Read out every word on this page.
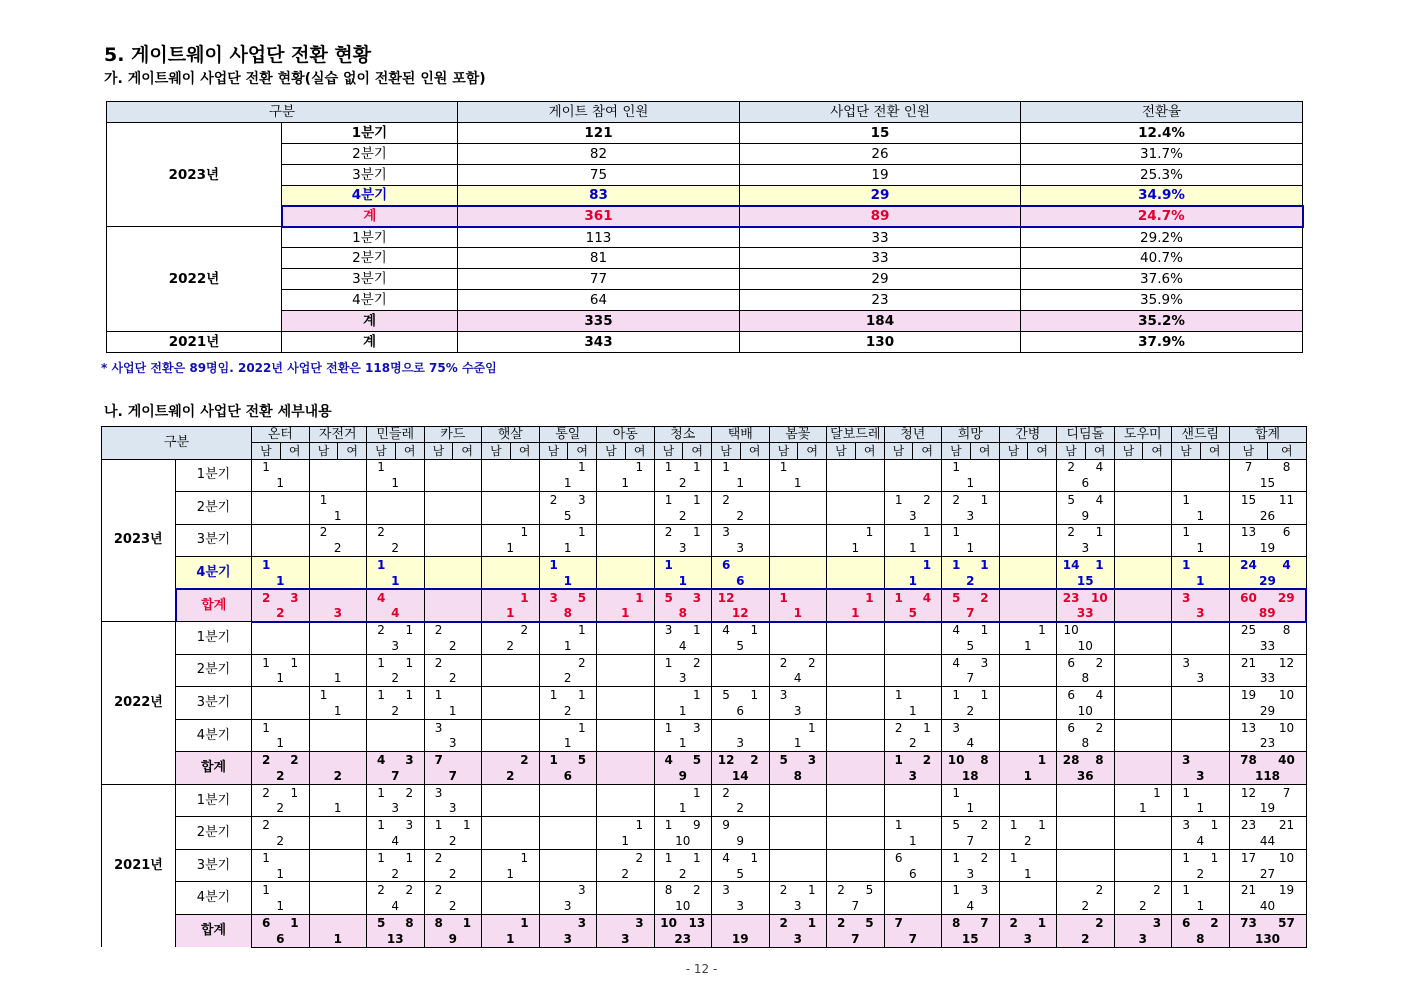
5. 게이트웨이 사업단 전환 현황
가. 게이트웨이 사업단 전환 현황(실습 없이 전환된 인원 포함)
구분		게이트 참여 인원	사업단 전환 인원	전환율
2023년	1분기	121	15	12.4%
	2분기	82	26	31.7%
	3분기	75	19	25.3%
	4분기	83	29	34.9%
	계	361	89	24.7%
2022년	1분기	113	33	29.2%
	2분기	81	33	40.7%
	3분기	77	29	37.6%
	4분기	64	23	35.9%
	계	335	184	35.2%
2021년	계	343	130	37.9%
* 사업단 전환은 89명임. 2022년 사업단 전환은 118명으로 75% 수준임
나. 게이트웨이 사업단 전환 세부내용
구분		온터		자전거		민들레		카드		햇살		통일		아동		청소		택배		봄꽃		달보드레		청년		희망		간병		디딤돌		도우미		샌드림		합계	
		남	여	남	여	남	여	남	여	남	여	남	여	남	여	남	여	남	여	남	여	남	여	남	여	남	여	남	여	남	여	남	여	남	여	남	여
2023년	1분기	1				1							1		1	1	1	1		1						1				2	4					7	8
		1				1						1		1		2		1		1						1				6						15	
	2분기			1								2	3			1	1	2						1	2	2	1			5	4			1		15	11
				1								5				2		2						3		3				9				1		26	
	3분기			2		2					1		1			2	1	3					1		1	1				2	1			1		13	6
				2		2				1		1				3		3				1		1		1				3				1		19	
	4분기	1				1						1				1		6							1	1	1			14	1			1		24	4
		1				1						1				1		6						1		2				15				1		29	
	합계	2	3			4					1	3	5		1	5	3	12		1			1	1	4	5	2			23	10			3		60	29
		2		3		4				1		8		1		8		12		1		1		5		7				33				3		89	
2022년	1분기					2	1	2			2		1			3	1	4	1							4	1		1	10						25	8
						3		2		2		1				4		5								5		1		10						33	
	2분기	1	1			1	1	2					2			1	2			2	2					4	3			6	2			3		21	12
		1		1		2		2				2				3				4						7				8				3		33	
	3분기			1		1	1	1				1	1				1	5	1	3				1		1	1			6	4					19	10
				1		2		1				2				1		6		3				1		2				10						29	
	4분기	1						3					1			1	3				1			2	1	3				6	2					13	10
		1						3				1				1		3		1				2		4				8						23	
	합계	2	2			4	3	7			2	1	5			4	5	12	2	5	3			1	2	10	8		1	28	8			3		78	40
		2		2		7		7		2		6				9		14		8				3		18		1		36				3		118	
2021년	1분기	2	1			1	2	3									1	2								1							1	1		12	7
		2		1		3		3								1		2								1						1		1		19	
	2분기	2				1	3	1	1						1	1	9	9						1		5	2	1	1					3	1	23	21
		2				4		2						1		10		9						1		7		2						4		44	
	3분기	1				1	1	2			1				2	1	1	4	1					6		1	2	1						1	1	17	10
		1				2		2		1				2		2		5						6		3		1						2		27	
	4분기	1				2	2	2					3			8	2	3		2	1	2	5			1	3				2		2	1		21	19
		1				4		2				3				10		3		3		7				4				2		2		1		40	
	합계	6	1			5	8	8	1		1		3		3	10	13			2	1	2	5	7		8	7	2	1		2		3	6	2	73	57
		6		1		13		9		1		3		3		23		19		3		7		7		15		3		2		3		8		130	
- 12 -
